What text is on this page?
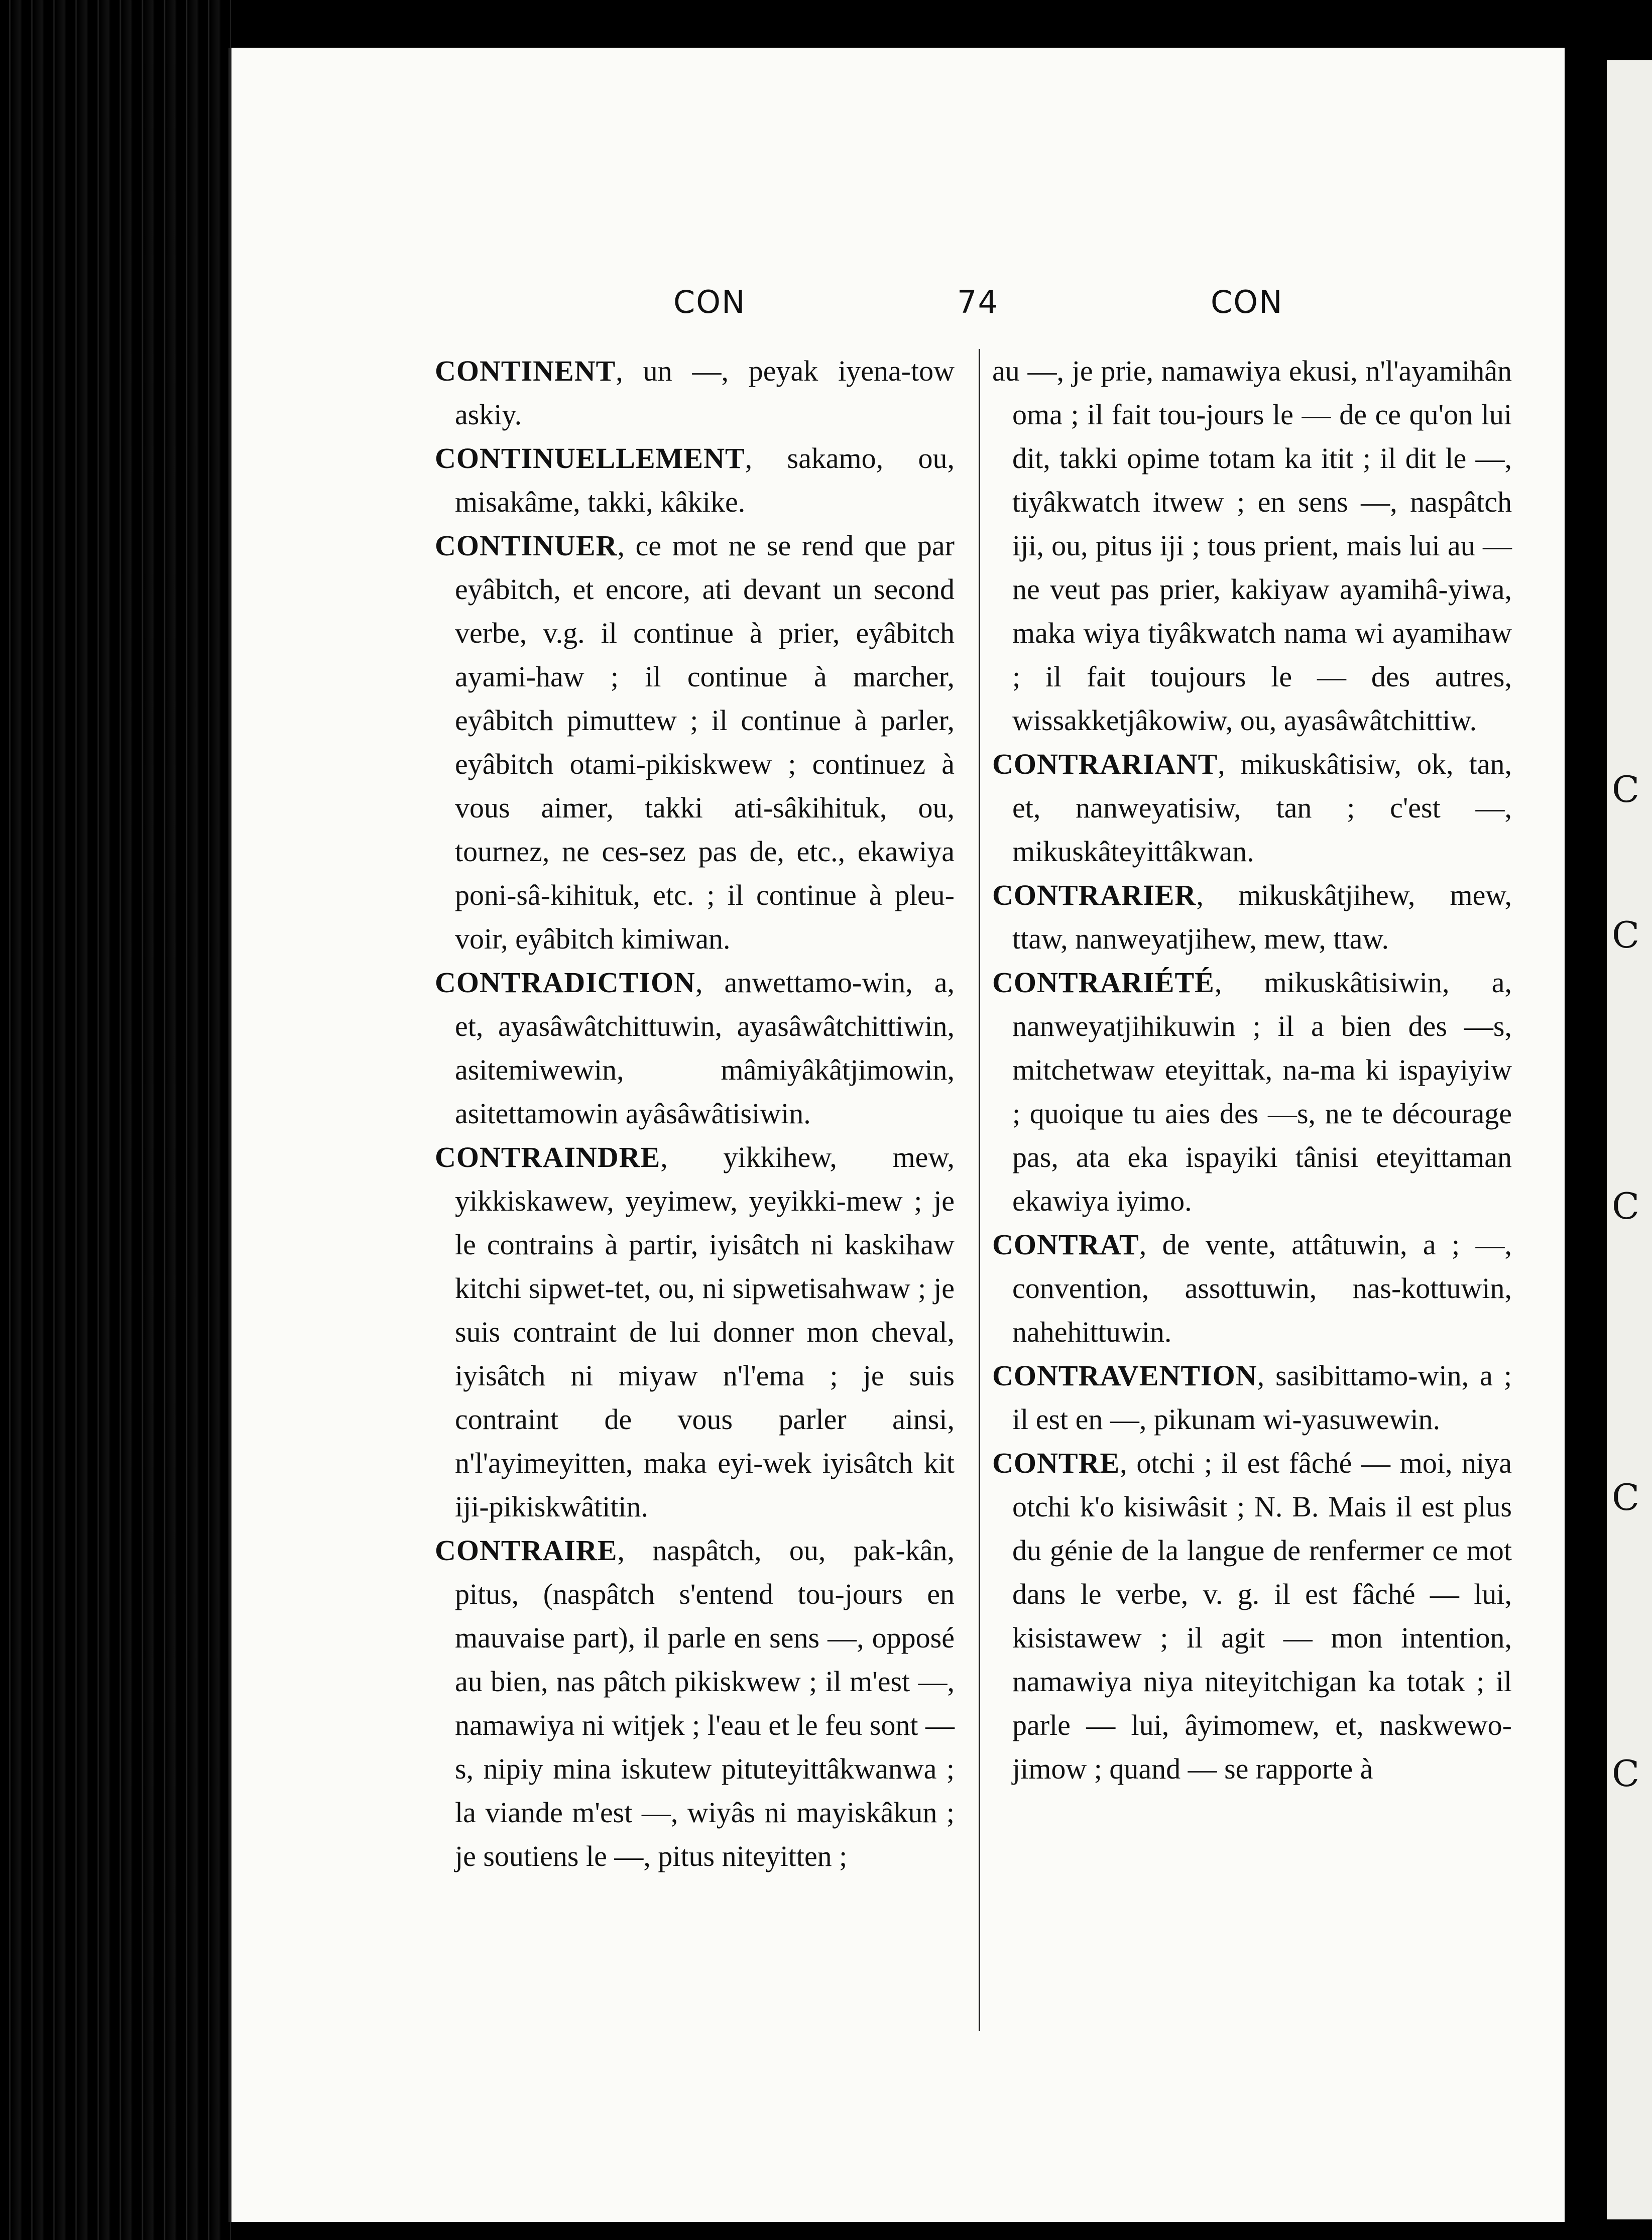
C
C
C
C
C
CON	74	CON

CONTINENT, un —, peyak iyena-tow askiy.

CONTINUELLEMENT, sakamo, ou, misakâme, takki, kâkike.

CONTINUER, ce mot ne se rend que par eyâbitch, et encore, ati devant un second verbe, v.g. il continue à prier, eyâbitch ayami-haw ; il continue à marcher, eyâbitch pimuttew ; il continue à parler, eyâbitch otami-pikiskwew ; continuez à vous aimer, takki ati-sâkihituk, ou, tournez, ne ces-sez pas de, etc., ekawiya poni-sâ-kihituk, etc. ; il continue à pleu-voir, eyâbitch kimiwan.

CONTRADICTION, anwettamo-win, a, et, ayasâwâtchittuwin, ayasâwâtchittiwin, asitemiwewin, mâmiyâkâtjimowin, asitettamowin ayâsâwâtisiwin.

CONTRAINDRE, yikkihew, mew, yikkiskawew, yeyimew, yeyikki-mew ; je le contrains à partir, iyisâtch ni kaskihaw kitchi sipwet-tet, ou, ni sipwetisahwaw ; je suis contraint de lui donner mon cheval, iyisâtch ni miyaw n'l'ema ; je suis contraint de vous parler ainsi, n'l'ayimeyitten, maka eyi-wek iyisâtch kit iji-pikiskwâtitin.

CONTRAIRE, naspâtch, ou, pak-kân, pitus, (naspâtch s'entend tou-jours en mauvaise part), il parle en sens —, opposé au bien, nas pâtch pikiskwew ; il m'est —, namawiya ni witjek ; l'eau et le feu sont —s, nipiy mina iskutew pituteyittâkwanwa ; la viande m'est —, wiyâs ni mayiskâkun ; je soutiens le —, pitus niteyitten ;

au —, je prie, namawiya ekusi, n'l'ayamihân oma ; il fait tou-jours le — de ce qu'on lui dit, takki opime totam ka itit ; il dit le —, tiyâkwatch itwew ; en sens —, naspâtch iji, ou, pitus iji ; tous prient, mais lui au — ne veut pas prier, kakiyaw ayamihâ-yiwa, maka wiya tiyâkwatch nama wi ayamihaw ; il fait toujours le — des autres, wissakketjâkowiw, ou, ayasâwâtchittiw.

CONTRARIANT, mikuskâtisiw, ok, tan, et, nanweyatisiw, tan ; c'est —, mikuskâteyittâkwan.

CONTRARIER, mikuskâtjihew, mew, ttaw, nanweyatjihew, mew, ttaw.

CONTRARIÉTÉ, mikuskâtisiwin, a, nanweyatjihikuwin ; il a bien des —s, mitchetwaw eteyittak, na-ma ki ispayiyiw ; quoique tu aies des —s, ne te décourage pas, ata eka ispayiki tânisi eteyittaman ekawiya iyimo.

CONTRAT, de vente, attâtuwin, a ; —, convention, assottuwin, nas-kottuwin, nahehittuwin.

CONTRAVENTION, sasibittamo-win, a ; il est en —, pikunam wi-yasuwewin.

CONTRE, otchi ; il est fâché — moi, niya otchi k'o kisiwâsit ; N. B. Mais il est plus du génie de la langue de renfermer ce mot dans le verbe, v. g. il est fâché — lui, kisistawew ; il agit — mon intention, namawiya niya niteyitchigan ka totak ; il parle — lui, âyimomew, et, naskwewo-jimow ; quand — se rapporte à
